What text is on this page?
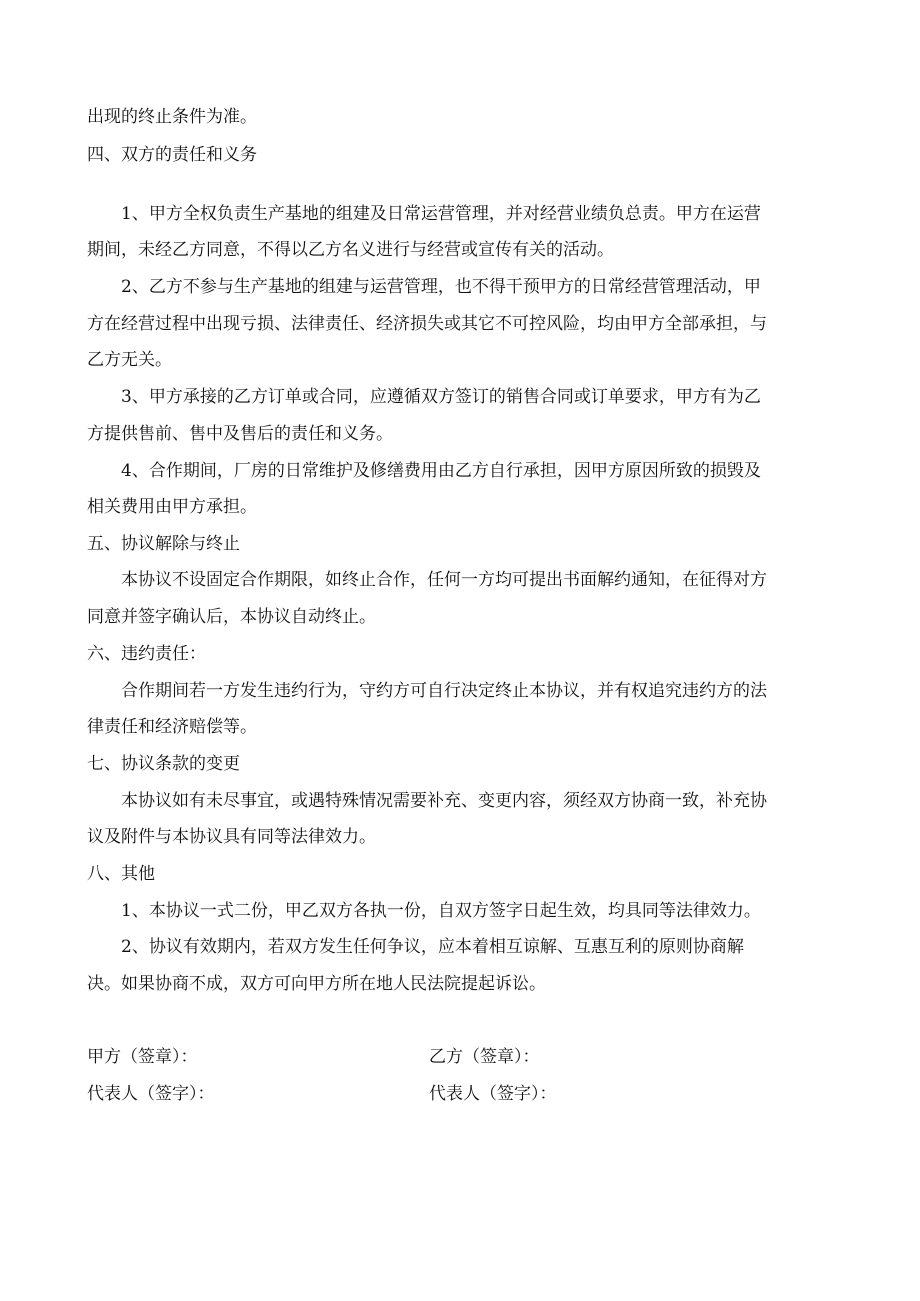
出现的终止条件为准。
四、双方的责任和义务
1、甲方全权负责生产基地的组建及日常运营管理，并对经营业绩负总责。甲方在运营
期间，未经乙方同意，不得以乙方名义进行与经营或宣传有关的活动。
2、乙方不参与生产基地的组建与运营管理，也不得干预甲方的日常经营管理活动，甲
方在经营过程中出现亏损、法律责任、经济损失或其它不可控风险，均由甲方全部承担，与
乙方无关。
3、甲方承接的乙方订单或合同，应遵循双方签订的销售合同或订单要求，甲方有为乙
方提供售前、售中及售后的责任和义务。
4、合作期间，厂房的日常维护及修缮费用由乙方自行承担，因甲方原因所致的损毁及
相关费用由甲方承担。
五、协议解除与终止
本协议不设固定合作期限，如终止合作，任何一方均可提出书面解约通知，在征得对方
同意并签字确认后，本协议自动终止。
六、违约责任：
合作期间若一方发生违约行为，守约方可自行决定终止本协议，并有权追究违约方的法
律责任和经济赔偿等。
七、协议条款的变更
本协议如有未尽事宜，或遇特殊情况需要补充、变更内容，须经双方协商一致，补充协
议及附件与本协议具有同等法律效力。
八、其他
1、本协议一式二份，甲乙双方各执一份，自双方签字日起生效，均具同等法律效力。
2、协议有效期内，若双方发生任何争议，应本着相互谅解、互惠互利的原则协商解
决。如果协商不成，双方可向甲方所在地人民法院提起诉讼。
甲方（签章）：	乙方（签章）：
代表人（签字）：	代表人（签字）：
